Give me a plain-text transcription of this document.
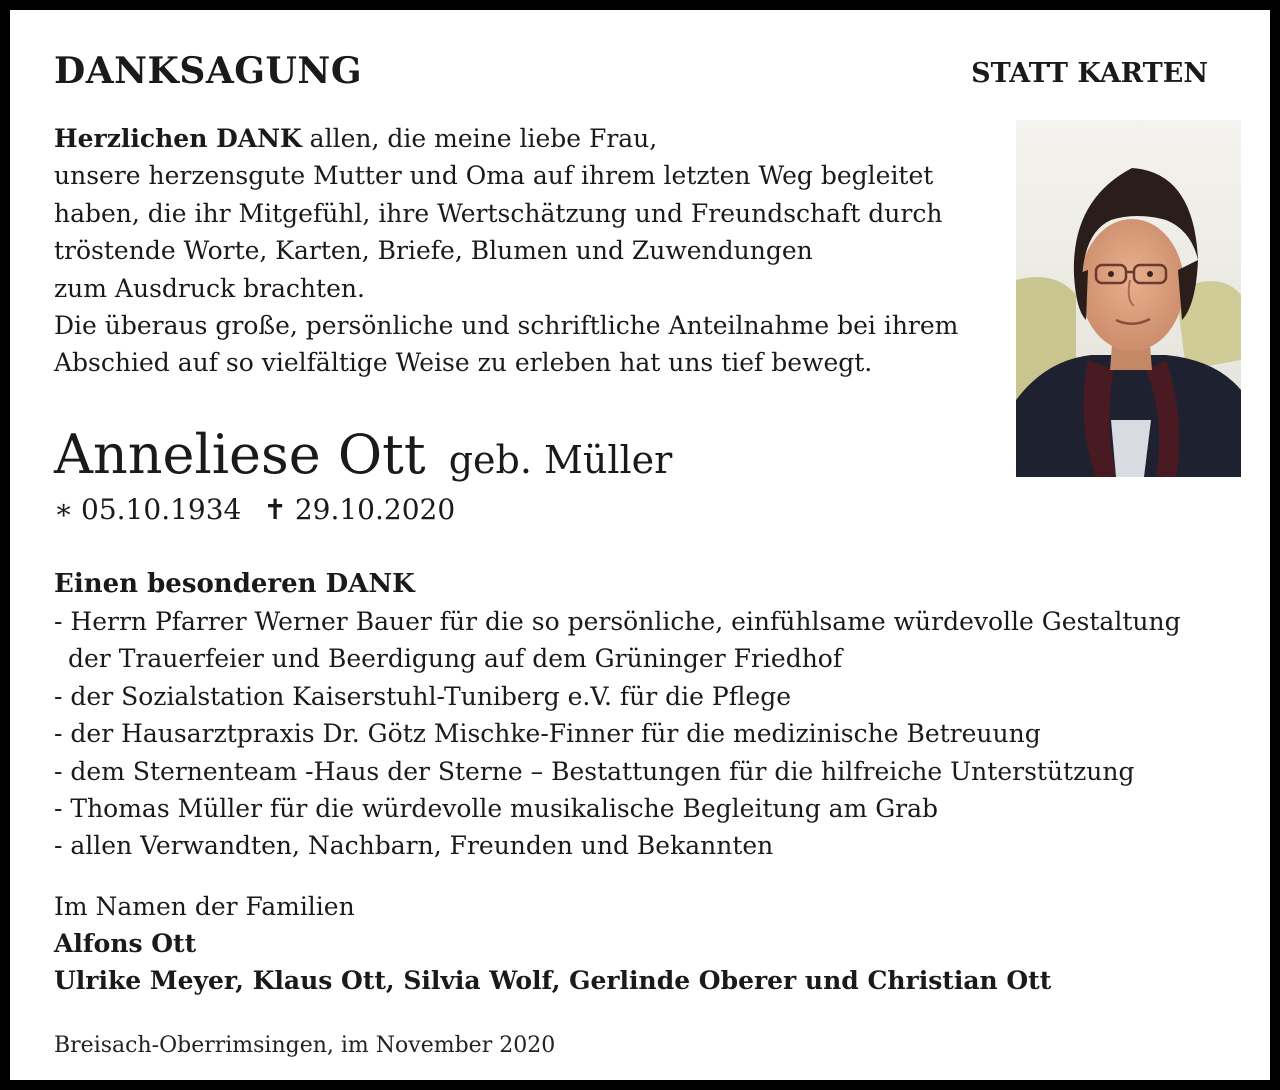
DANKSAGUNG	STATT KARTEN
Herzlichen DANK allen, die meine liebe Frau,
unsere herzensgute Mutter und Oma auf ihrem letzten Weg begleitet
haben, die ihr Mitgefühl, ihre Wertschätzung und Freundschaft durch
tröstende Worte, Karten, Briefe, Blumen und Zuwendungen
zum Ausdruck brachten.
Die überaus große, persönliche und schriftliche Anteilnahme bei ihrem
Abschied auf so vielfältige Weise zu erleben hat uns tief bewegt.
Anneliese Ott geb. Müller
∗ 05.10.1934 ✝ 29.10.2020
Einen besonderen DANK
- Herrn Pfarrer Werner Bauer für die so persönliche, einfühlsame würdevolle Gestaltung
der Trauerfeier und Beerdigung auf dem Grüninger Friedhof
- der Sozialstation Kaiserstuhl-Tuniberg e.V. für die Pflege
- der Hausarztpraxis Dr. Götz Mischke-Finner für die medizinische Betreuung
- dem Sternenteam -Haus der Sterne – Bestattungen für die hilfreiche Unterstützung
- Thomas Müller für die würdevolle musikalische Begleitung am Grab
- allen Verwandten, Nachbarn, Freunden und Bekannten
Im Namen der Familien
Alfons Ott
Ulrike Meyer, Klaus Ott, Silvia Wolf, Gerlinde Oberer und Christian Ott
Breisach-Oberrimsingen, im November 2020
